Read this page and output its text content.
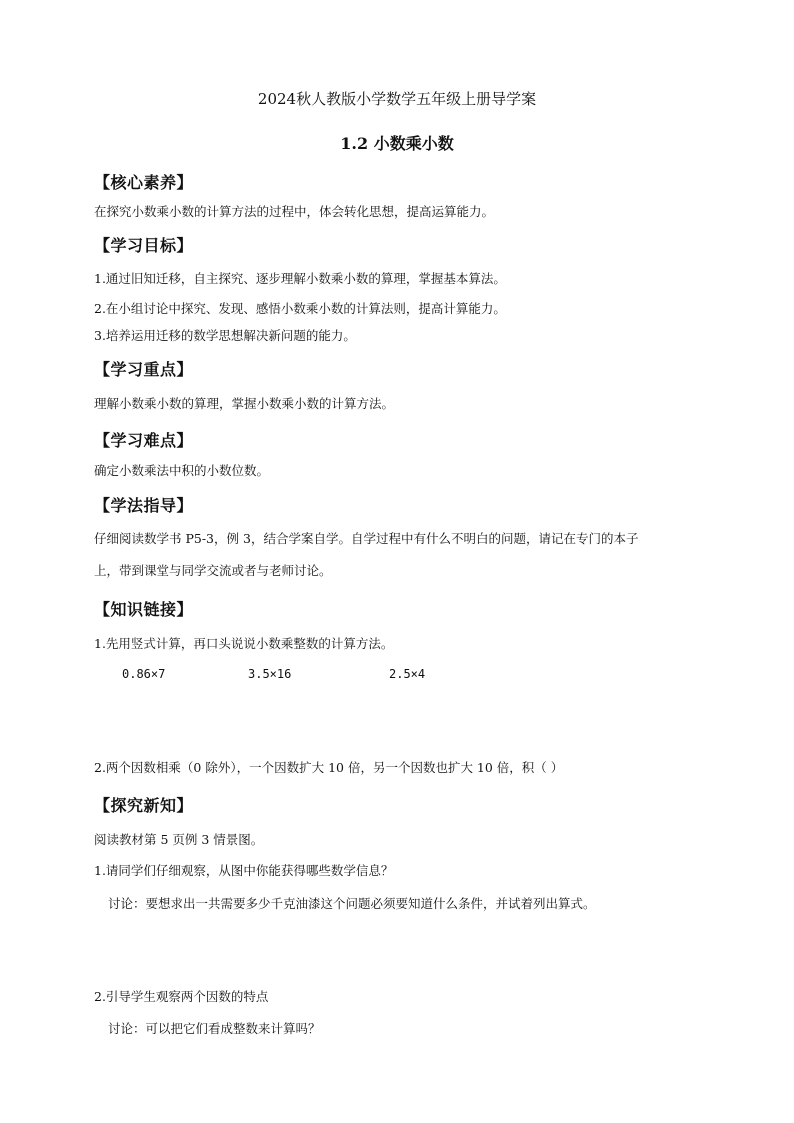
2024秋人教版小学数学五年级上册导学案
1.2 小数乘小数
【核心素养】
在探究小数乘小数的计算方法的过程中，体会转化思想，提高运算能力。
【学习目标】
1.通过旧知迁移，自主探究、逐步理解小数乘小数的算理，掌握基本算法。
2.在小组讨论中探究、发现、感悟小数乘小数的计算法则，提高计算能力。
3.培养运用迁移的数学思想解决新问题的能力。
【学习重点】
理解小数乘小数的算理，掌握小数乘小数的计算方法。
【学习难点】
确定小数乘法中积的小数位数。
【学法指导】
仔细阅读数学书 P5-3，例 3，结合学案自学。自学过程中有什么不明白的问题，请记在专门的本子
上，带到课堂与同学交流或者与老师讨论。
【知识链接】
1.先用竖式计算，再口头说说小数乘整数的计算方法。
0.86×7	3.5×16	2.5×4
2.两个因数相乘（0 除外），一个因数扩大 10 倍，另一个因数也扩大 10 倍，积（ ）
【探究新知】
阅读教材第 5 页例 3 情景图。
1.请同学们仔细观察，从图中你能获得哪些数学信息？
讨论：要想求出一共需要多少千克油漆这个问题必须要知道什么条件，并试着列出算式。
2.引导学生观察两个因数的特点
讨论：可以把它们看成整数来计算吗？
